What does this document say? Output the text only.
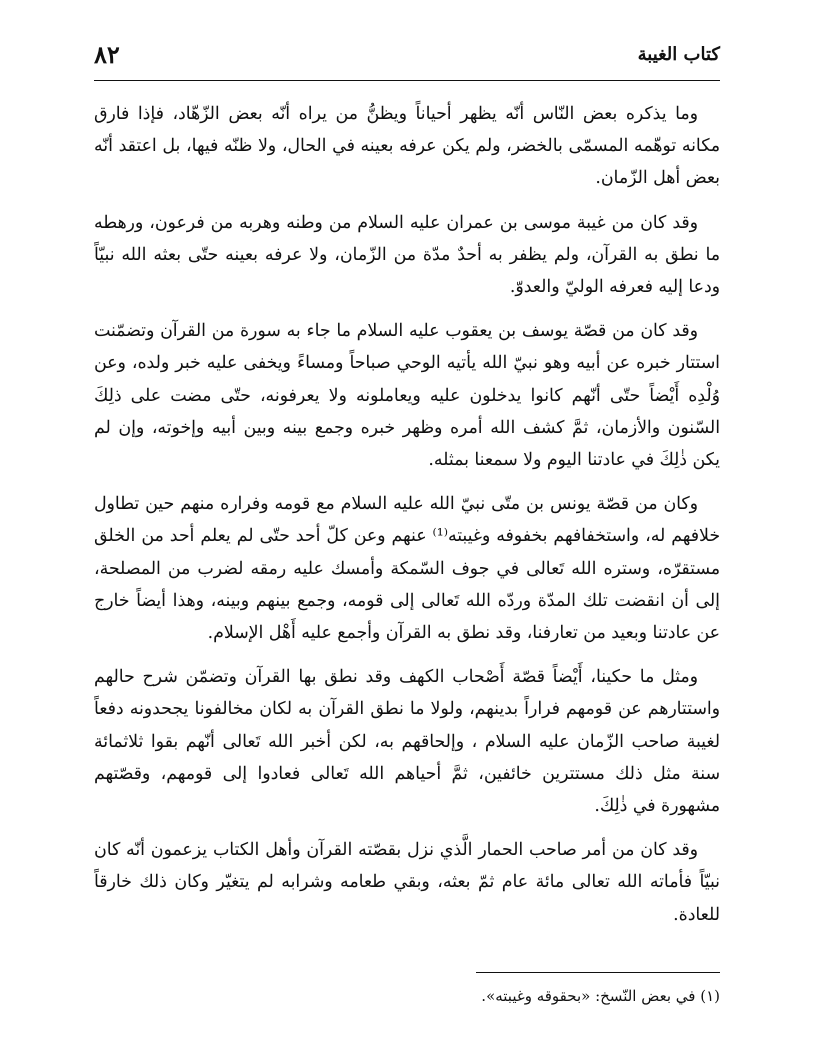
كتاب الغيبة
٨٢

وما يذكره بعض النّاس أنّه يظهر أحياناً ويظنُّ من يراه أنّه بعض الزّهّاد، فإذا فارق مكانه توهّمه المسمّى بالخضر، ولم يكن عرفه بعينه في الحال، ولا ظنّه فيها، بل اعتقد أنّه بعض أهل الزّمان.

وقد كان من غيبة موسى بن عمران عليه السلام من وطنه وهربه من فرعون، ورهطه ما نطق به القرآن، ولم يظفر به أحدٌ مدّة من الزّمان، ولا عرفه بعينه حتّى بعثه الله نبيّاً ودعا إليه فعرفه الوليّ والعدوّ.

وقد كان من قصّة يوسف بن يعقوب عليه السلام ما جاء به سورة من القرآن وتضمّنت استتار خبره عن أبيه وهو نبيّ الله يأتيه الوحي صباحاً ومساءً ويخفى عليه خبر ولده، وعن وُلْدِه أَيْضاً حتّى أنّهم كانوا يدخلون عليه ويعاملونه ولا يعرفونه، حتّى مضت على ذلِكَ السّنون والأزمان، ثمَّ كشف الله أمره وظهر خبره وجمع بينه وبين أبيه وإخوته، وإن لم يكن ذٰلِكَ في عادتنا اليوم ولا سمعنا بمثله.

وكان من قصّة يونس بن متّى نبيّ الله عليه السلام مع قومه وفراره منهم حين تطاول خلافهم له، واستخفافهم بخفوفه وغيبته⁽¹⁾ عنهم وعن كلّ أحد حتّى لم يعلم أحد من الخلق مستقرّه، وستره الله تَعالى في جوف السّمكة وأمسك عليه رمقه لضرب من المصلحة، إلى أن انقضت تلك المدّة وردّه الله تَعالى إلى قومه، وجمع بينهم وبينه، وهذا أيضاً خارج عن عادتنا وبعيد من تعارفنا، وقد نطق به القرآن وأجمع عليه أَهْل الإسلام.

ومثل ما حكينا، أَيْضاً قصّة أَصْحاب الكهف وقد نطق بها القرآن وتضمّن شرح حالهم واستتارهم عن قومهم فراراً بدينهم، ولولا ما نطق القرآن به لكان مخالفونا يجحدونه دفعاً لغيبة صاحب الزّمان عليه السلام ، وإلحاقهم به، لكن أخبر الله تَعالى أنّهم بقوا ثلاثمائة سنة مثل ذلك مستترين خائفين، ثمَّ أحياهم الله تَعالى فعادوا إلى قومهم، وقصّتهم مشهورة في ذٰلِكَ.

وقد كان من أمر صاحب الحمار الَّذي نزل بقصّته القرآن وأهل الكتاب يزعمون أنّه كان نبيّاً فأماته الله تعالى مائة عام ثمّ بعثه، وبقي طعامه وشرابه لم يتغيّر وكان ذلك خارقاً للعادة.

(١) في بعض النّسخ: «بحقوقه وغيبته».
